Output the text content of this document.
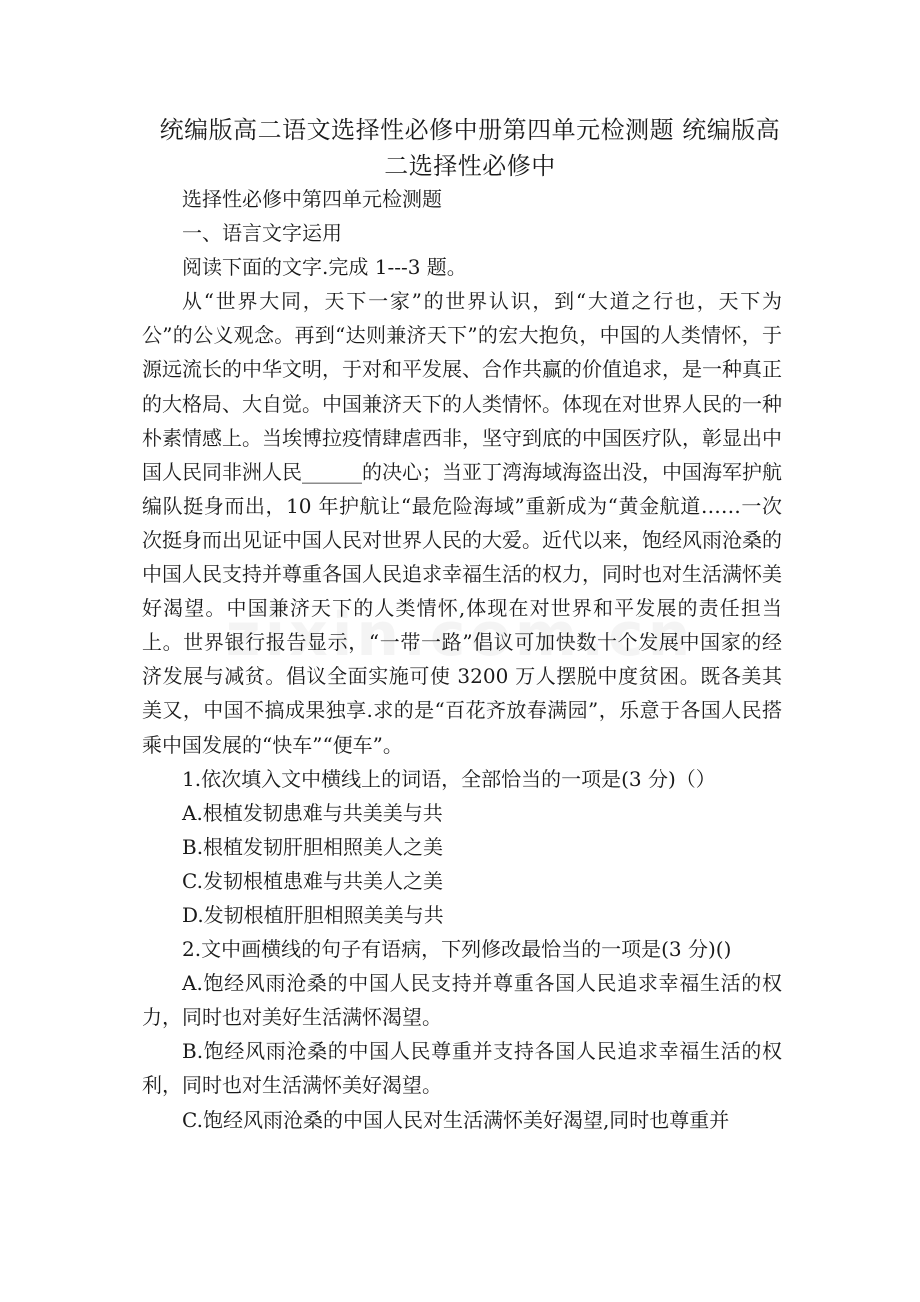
统编版高二语文选择性必修中册第四单元检测题 统编版高二选择性必修中

选择性必修中第四单元检测题

一、语言文字运用

阅读下面的文字.完成 1---3 题。

从“世界大同，天下一家”的世界认识，到“大道之行也，天下为公”的公义观念。再到“达则兼济天下”的宏大抱负，中国的人类情怀，于源远流长的中华文明，于对和平发展、合作共赢的价值追求，是一种真正的大格局、大自觉。中国兼济天下的人类情怀。体现在对世界人民的一种朴素情感上。当埃博拉疫情肆虐西非，坚守到底的中国医疗队，彰显出中国人民同非洲人民______的决心；当亚丁湾海域海盗出没，中国海军护航编队挺身而出，10 年护航让“最危险海域”重新成为“黄金航道……一次次挺身而出见证中国人民对世界人民的大爱。近代以来，饱经风雨沧桑的中国人民支持并尊重各国人民追求幸福生活的权力，同时也对生活满怀美好渴望。中国兼济天下的人类情怀,体现在对世界和平发展的责任担当上。世界银行报告显示，“一带一路”倡议可加快数十个发展中国家的经济发展与减贫。倡议全面实施可使 3200 万人摆脱中度贫困。既各美其美又，中国不搞成果独享.求的是“百花齐放春满园”，乐意于各国人民搭乘中国发展的“快车”“便车”。

1.依次填入文中横线上的词语，全部恰当的一项是(3 分)（）

A.根植发韧患难与共美美与共

B.根植发韧肝胆相照美人之美

C.发韧根植患难与共美人之美

D.发韧根植肝胆相照美美与共

2.文中画横线的句子有语病，下列修改最恰当的一项是(3 分)()

A.饱经风雨沧桑的中国人民支持并尊重各国人民追求幸福生活的权力，同时也对美好生活满怀渴望。

B.饱经风雨沧桑的中国人民尊重并支持各国人民追求幸福生活的权利，同时也对生活满怀美好渴望。

C.饱经风雨沧桑的中国人民对生活满怀美好渴望,同时也尊重并
